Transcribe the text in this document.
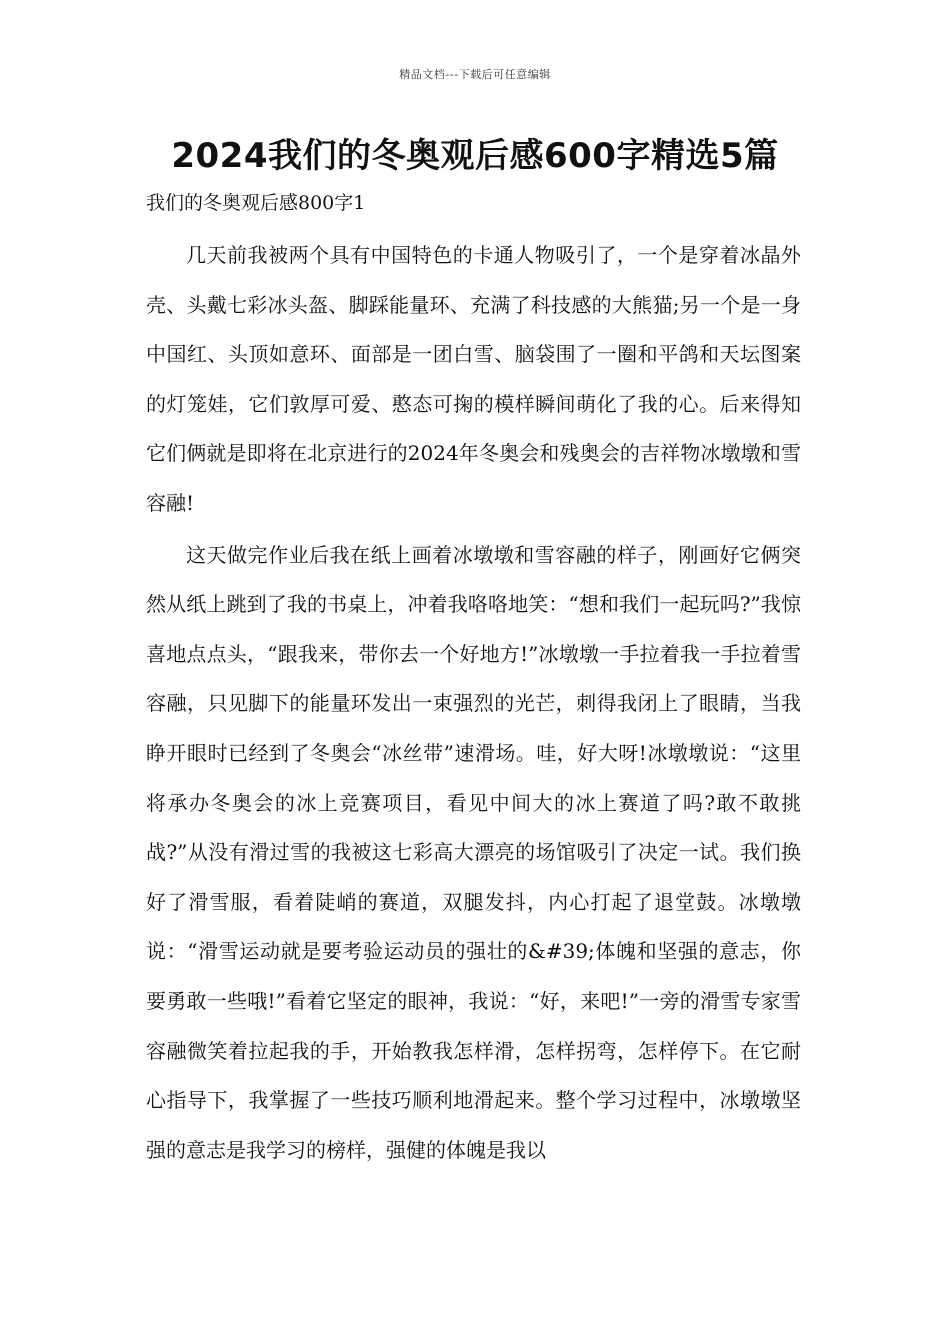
精品文档---下载后可任意编辑
2024我们的冬奥观后感600字精选5篇
我们的冬奥观后感800字1

几天前我被两个具有中国特色的卡通人物吸引了，一个是穿着冰晶外壳、头戴七彩冰头盔、脚踩能量环、充满了科技感的大熊猫;另一个是一身中国红、头顶如意环、面部是一团白雪、脑袋围了一圈和平鸽和天坛图案的灯笼娃，它们敦厚可爱、憨态可掬的模样瞬间萌化了我的心。后来得知它们俩就是即将在北京进行的2024年冬奥会和残奥会的吉祥物冰墩墩和雪容融!

这天做完作业后我在纸上画着冰墩墩和雪容融的样子，刚画好它俩突然从纸上跳到了我的书桌上，冲着我咯咯地笑：“想和我们一起玩吗?”我惊喜地点点头，“跟我来，带你去一个好地方!”冰墩墩一手拉着我一手拉着雪容融，只见脚下的能量环发出一束强烈的光芒，刺得我闭上了眼睛，当我睁开眼时已经到了冬奥会“冰丝带”速滑场。哇，好大呀!冰墩墩说：“这里将承办冬奥会的冰上竞赛项目，看见中间大的冰上赛道了吗?敢不敢挑战?”从没有滑过雪的我被这七彩高大漂亮的场馆吸引了决定一试。我们换好了滑雪服，看着陡峭的赛道，双腿发抖，内心打起了退堂鼓。冰墩墩说：“滑雪运动就是要考验运动员的强壮的&#39;体魄和坚强的意志，你要勇敢一些哦!”看着它坚定的眼神，我说：“好，来吧!”一旁的滑雪专家雪容融微笑着拉起我的手，开始教我怎样滑，怎样拐弯，怎样停下。在它耐心指导下，我掌握了一些技巧顺利地滑起来。整个学习过程中，冰墩墩坚强的意志是我学习的榜样，强健的体魄是我以
